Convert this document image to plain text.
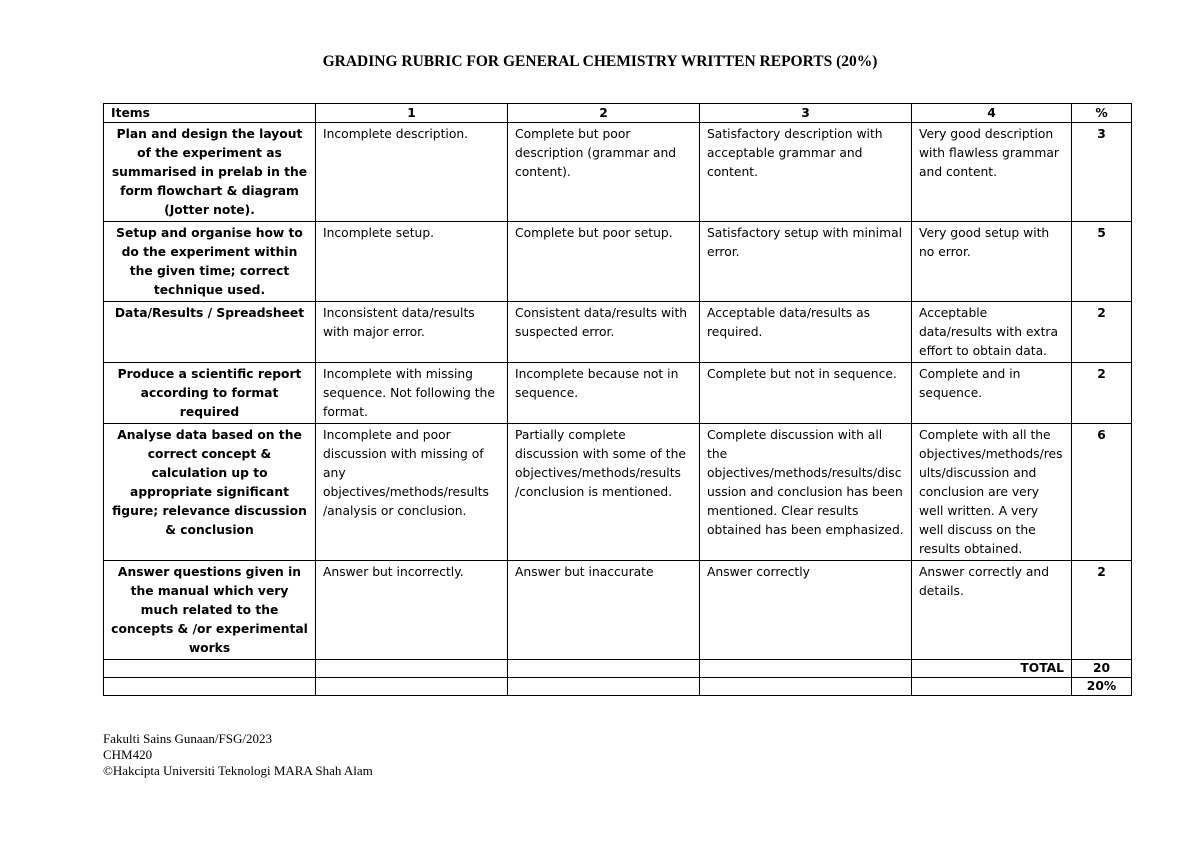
GRADING RUBRIC FOR GENERAL CHEMISTRY WRITTEN REPORTS (20%)
Items	1	2	3	4	%
Plan and design the layout of the experiment as summarised in prelab in the form flowchart & diagram (Jotter note).	Incomplete description.	Complete but poor description (grammar and content).	Satisfactory description with acceptable grammar and content.	Very good description with flawless grammar and content.	3
Setup and organise how to do the experiment within the given time; correct technique used.	Incomplete setup.	Complete but poor setup.	Satisfactory setup with minimal error.	Very good setup with no error.	5
Data/Results / Spreadsheet	Inconsistent data/results with major error.	Consistent data/results with suspected error.	Acceptable data/results as required.	Acceptable data/results with extra effort to obtain data.	2
Produce a scientific report according to format required	Incomplete with missing sequence. Not following the format.	Incomplete because not in sequence.	Complete but not in sequence.	Complete and in sequence.	2
Analyse data based on the correct concept & calculation up to appropriate significant figure; relevance discussion & conclusion	Incomplete and poor discussion with missing of any objectives/methods/results /analysis or conclusion.	Partially complete discussion with some of the objectives/methods/results /conclusion is mentioned.	Complete discussion with all the objectives/methods/results/discussion and conclusion has been mentioned. Clear results obtained has been emphasized.	Complete with all the objectives/methods/results/discussion and conclusion are very well written. A very well discuss on the results obtained.	6
Answer questions given in the manual which very much related to the concepts & /or experimental works	Answer but incorrectly.	Answer but inaccurate	Answer correctly	Answer correctly and details.	2
				TOTAL	20
					20%
Fakulti Sains Gunaan/FSG/2023
CHM420
©Hakcipta Universiti Teknologi MARA Shah Alam
